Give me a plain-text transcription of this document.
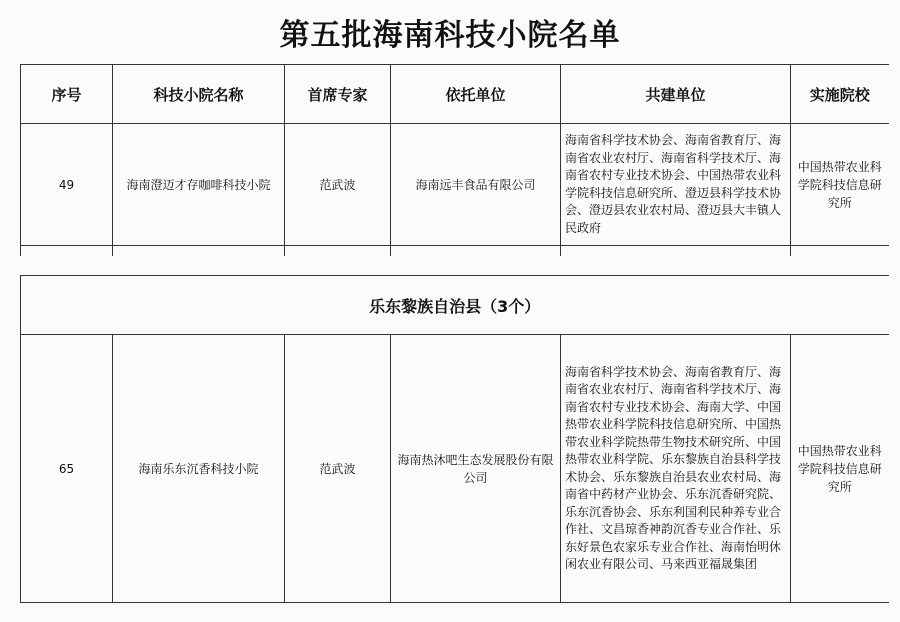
第五批海南科技小院名单
序号	科技小院名称	首席专家	依托单位	共建单位	实施院校
49	海南澄迈才存咖啡科技小院	范武波	海南远丰食品有限公司	海南省科学技术协会、海南省教育厅、海南省农业农村厅、海南省科学技术厅、海南省农村专业技术协会、中国热带农业科学院科技信息研究所、澄迈县科学技术协会、澄迈县农业农村局、澄迈县大丰镇人民政府	中国热带农业科学院科技信息研究所

乐东黎族自治县（3个）
65	海南乐东沉香科技小院	范武波	海南热沐吧生态发展股份有限公司	海南省科学技术协会、海南省教育厅、海南省农业农村厅、海南省科学技术厅、海南省农村专业技术协会、海南大学、中国热带农业科学院科技信息研究所、中国热带农业科学院热带生物技术研究所、中国热带农业科学院、乐东黎族自治县科学技术协会、乐东黎族自治县农业农村局、海南省中药材产业协会、乐东沉香研究院、乐东沉香协会、乐东利国利民种养专业合作社、文昌琼香神韵沉香专业合作社、乐东好景色农家乐专业合作社、海南怡明休闲农业有限公司、马来西亚福晟集团	中国热带农业科学院科技信息研究所
